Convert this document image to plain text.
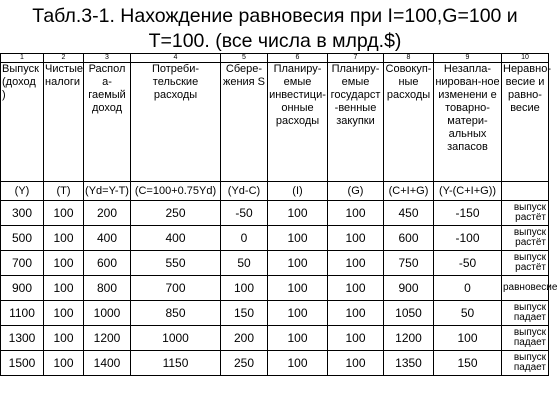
Табл.3-1. Нахождение равновесия при I=100,G=100 и
T=100. (все числа в млрд.$)
1	2	3	4	5	6	7	8	9	10
Выпуск (доход )	Чистые налоги	Распол а-гаемый доход	Потреби-тельские расходы	Сбере-жения S	Планиру-емые инвестици-онные расходы	Планиру-емые государст -венные закупки	Совокуп-ные расходы	Незапла-нирован-ное изменени е товарно-матери-альных запасов	Неравно-весие и равно-весие
(Y)	(T)	(Yd=Y-T)	(C=100+0.75Yd)	(Yd-C)	(I)	(G)	(C+I+G)	(Y-(C+I+G))	
300	100	200	250	-50	100	100	450	-150	выпуск растёт
500	100	400	400	0	100	100	600	-100	выпуск растёт
700	100	600	550	50	100	100	750	-50	выпуск растёт
900	100	800	700	100	100	100	900	0	равновесие
1100	100	1000	850	150	100	100	1050	50	выпуск падает
1300	100	1200	1000	200	100	100	1200	100	выпуск падает
1500	100	1400	1150	250	100	100	1350	150	выпуск падает
